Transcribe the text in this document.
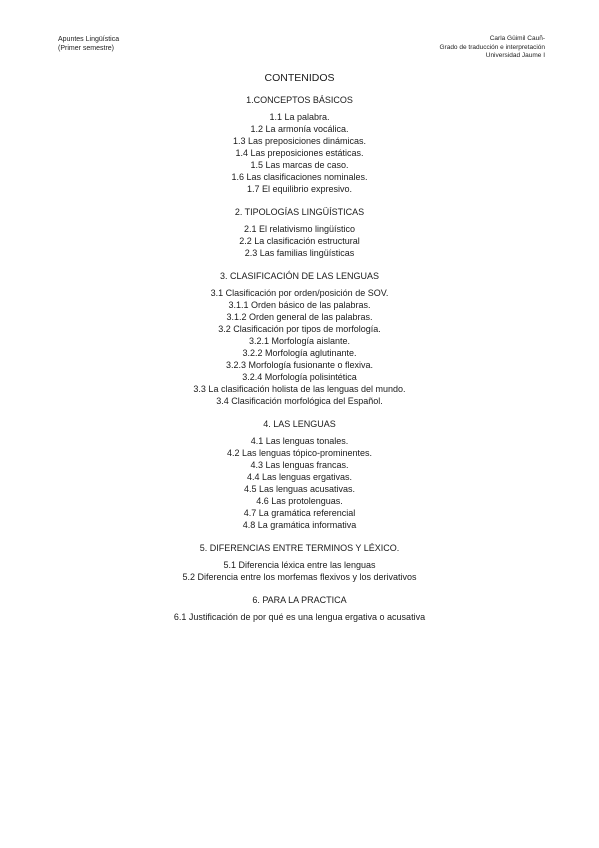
Apuntes Lingüística
(Primer semestre)
Carla Güimil Cauñ-
Grado de traducción e interpretación
Universidad Jaume I
CONTENIDOS
1.CONCEPTOS BÁSICOS
1.1 La palabra.
1.2 La armonía vocálica.
1.3 Las preposiciones dinámicas.
1.4 Las preposiciones estáticas.
1.5 Las marcas de caso.
1.6 Las clasificaciones nominales.
1.7 El equilibrio expresivo.
2. TIPOLOGÍAS LINGÜÍSTICAS
2.1 El relativismo lingüístico
2.2 La clasificación estructural
2.3 Las familias lingüísticas
3. CLASIFICACIÓN DE LAS LENGUAS
3.1 Clasificación por orden/posición de SOV.
3.1.1 Orden básico de las palabras.
3.1.2 Orden general de las palabras.
3.2 Clasificación por tipos de morfología.
3.2.1 Morfología aislante.
3.2.2 Morfología aglutinante.
3.2.3 Morfología fusionante o flexiva.
3.2.4 Morfología polisintética
3.3 La clasificación holista de las lenguas del mundo.
3.4 Clasificación morfológica del Español.
4. LAS LENGUAS
4.1 Las lenguas tonales.
4.2 Las lenguas tópico-prominentes.
4.3 Las lenguas francas.
4.4 Las lenguas ergativas.
4.5 Las lenguas acusativas.
4.6 Las protolenguas.
4.7 La gramática referencial
4.8 La gramática informativa
5. DIFERENCIAS ENTRE TERMINOS Y LÉXICO.
5.1 Diferencia léxica entre las lenguas
5.2 Diferencia entre los morfemas flexivos y los derivativos
6. PARA LA PRACTICA
6.1 Justificación de por qué es una lengua ergativa o acusativa
